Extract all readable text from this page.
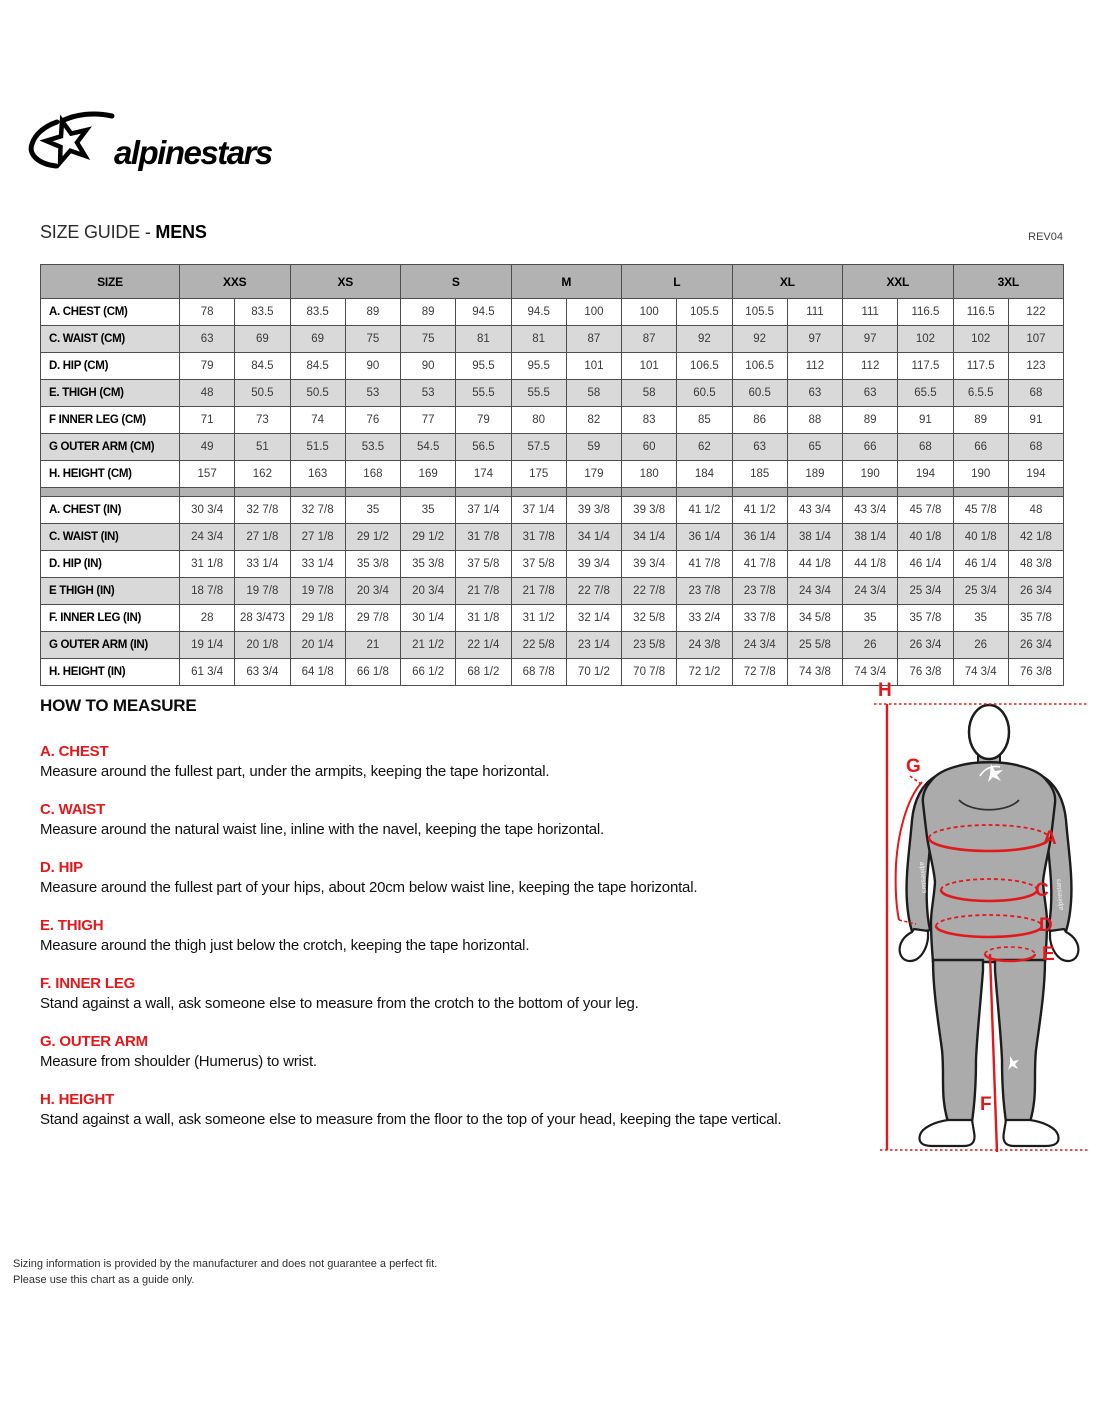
alpinestars
SIZE GUIDE - MENS	REV04
SIZE	XXS		XS		S		M		L		XL		XXL		3XL	
A. CHEST (CM)	78	83.5	83.5	89	89	94.5	94.5	100	100	105.5	105.5	111	111	116.5	116.5	122
C. WAIST (CM)	63	69	69	75	75	81	81	87	87	92	92	97	97	102	102	107
D. HIP (CM)	79	84.5	84.5	90	90	95.5	95.5	101	101	106.5	106.5	112	112	117.5	117.5	123
E. THIGH (CM)	48	50.5	50.5	53	53	55.5	55.5	58	58	60.5	60.5	63	63	65.5	6.5.5	68
F INNER LEG (CM)	71	73	74	76	77	79	80	82	83	85	86	88	89	91	89	91
G OUTER ARM (CM)	49	51	51.5	53.5	54.5	56.5	57.5	59	60	62	63	65	66	68	66	68
H. HEIGHT (CM)	157	162	163	168	169	174	175	179	180	184	185	189	190	194	190	194

A. CHEST (IN)	30 3/4	32 7/8	32 7/8	35	35	37 1/4	37 1/4	39 3/8	39 3/8	41 1/2	41 1/2	43 3/4	43 3/4	45 7/8	45 7/8	48
C. WAIST (IN)	24 3/4	27 1/8	27 1/8	29 1/2	29 1/2	31 7/8	31 7/8	34 1/4	34 1/4	36 1/4	36 1/4	38 1/4	38 1/4	40 1/8	40 1/8	42 1/8
D. HIP (IN)	31 1/8	33 1/4	33 1/4	35 3/8	35 3/8	37 5/8	37 5/8	39 3/4	39 3/4	41 7/8	41 7/8	44 1/8	44 1/8	46 1/4	46 1/4	48 3/8
E THIGH (IN)	18 7/8	19 7/8	19 7/8	20 3/4	20 3/4	21 7/8	21 7/8	22 7/8	22 7/8	23 7/8	23 7/8	24 3/4	24 3/4	25 3/4	25 3/4	26 3/4
F. INNER LEG (IN)	28	28 3/473	29 1/8	29 7/8	30 1/4	31 1/8	31 1/2	32 1/4	32 5/8	33 2/4	33 7/8	34 5/8	35	35 7/8	35	35 7/8
G OUTER ARM (IN)	19 1/4	20 1/8	20 1/4	21	21 1/2	22 1/4	22 5/8	23 1/4	23 5/8	24 3/8	24 3/4	25 5/8	26	26 3/4	26	26 3/4
H. HEIGHT (IN)	61 3/4	63 3/4	64 1/8	66 1/8	66 1/2	68 1/2	68 7/8	70 1/2	70 7/8	72 1/2	72 7/8	74 3/8	74 3/4	76 3/8	74 3/4	76 3/8
HOW TO MEASURE
A. CHEST

Measure around the fullest part, under the armpits, keeping the tape horizontal.

C. WAIST

Measure around the natural waist line, inline with the navel, keeping the tape horizontal.

D. HIP

Measure around the fullest part of your hips, about 20cm below waist line, keeping the tape horizontal.

E. THIGH

Measure around the thigh just below the crotch, keeping the tape horizontal.

F. INNER LEG

Stand against a wall, ask someone else to measure from the crotch to the bottom of your leg.

G. OUTER ARM

Measure from shoulder (Humerus) to wrist.

H. HEIGHT

Stand against a wall, ask someone else to measure from the floor to the top of your head, keeping the tape vertical.

alpinestars
alpinestars
H
G
A
C
D
E
F
Sizing information is provided by the manufacturer and does not guarantee a perfect fit.
Please use this chart as a guide only.
